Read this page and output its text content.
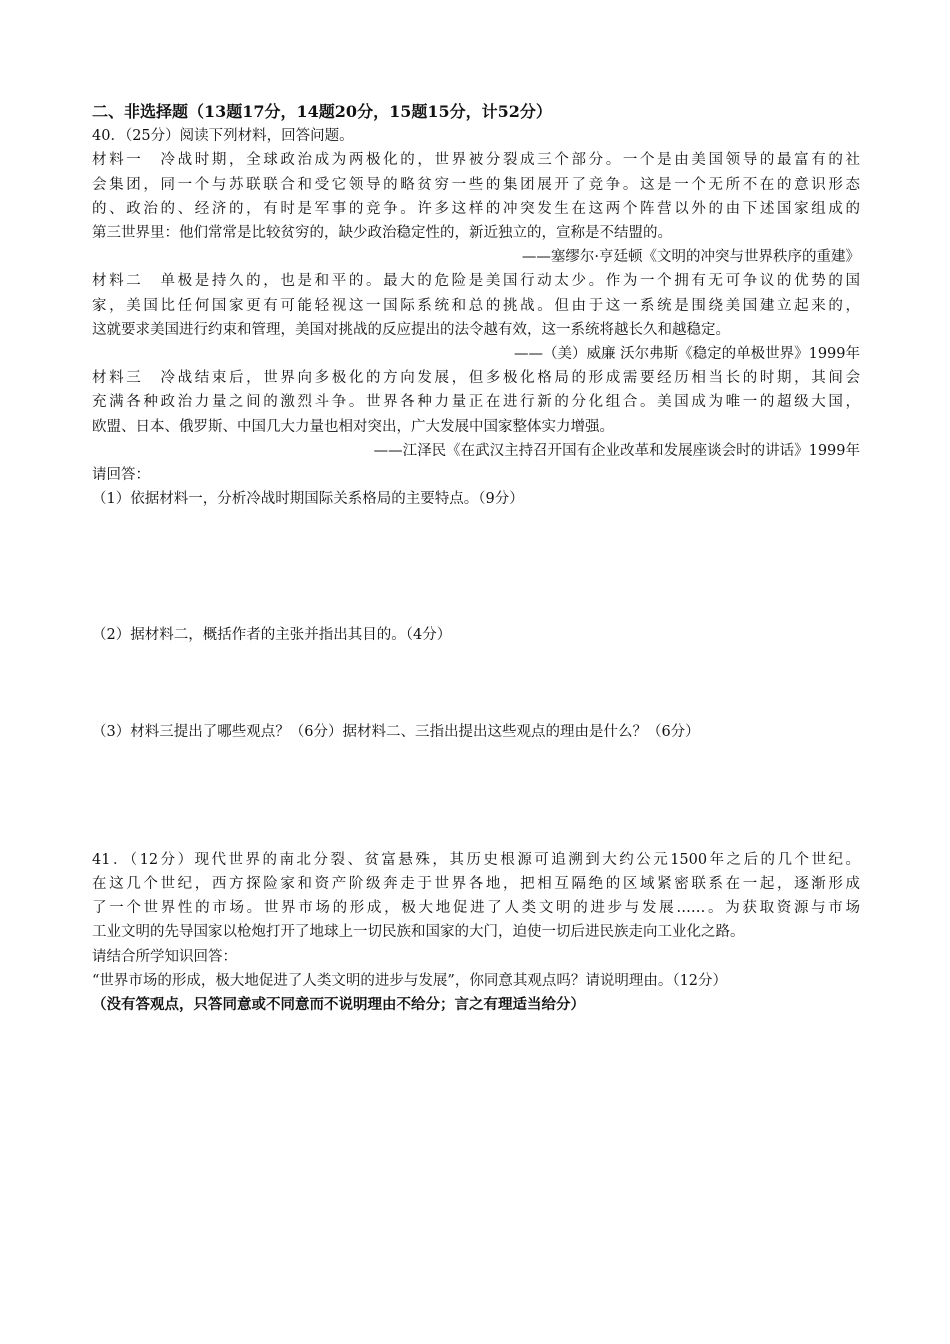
二、非选择题（13题17分，14题20分，15题15分，计52分）
40．（25分）阅读下列材料，回答问题。
材料一　冷战时期，全球政治成为两极化的，世界被分裂成三个部分。一个是由美国领导的最富有的社
会集团，同一个与苏联联合和受它领导的略贫穷一些的集团展开了竞争。这是一个无所不在的意识形态
的、政治的、经济的，有时是军事的竞争。许多这样的冲突发生在这两个阵营以外的由下述国家组成的
第三世界里：他们常常是比较贫穷的，缺少政治稳定性的，新近独立的，宣称是不结盟的。
——塞缪尔·亨廷顿《文明的冲突与世界秩序的重建》
材料二　单极是持久的，也是和平的。最大的危险是美国行动太少。作为一个拥有无可争议的优势的国
家，美国比任何国家更有可能轻视这一国际系统和总的挑战。但由于这一系统是围绕美国建立起来的，
这就要求美国进行约束和管理，美国对挑战的反应提出的法令越有效，这一系统将越长久和越稳定。
——（美）威廉 沃尔弗斯《稳定的单极世界》1999年
材料三　冷战结束后，世界向多极化的方向发展，但多极化格局的形成需要经历相当长的时期，其间会
充满各种政治力量之间的激烈斗争。世界各种力量正在进行新的分化组合。美国成为唯一的超级大国，
欧盟、日本、俄罗斯、中国几大力量也相对突出，广大发展中国家整体实力增强。
——江泽民《在武汉主持召开国有企业改革和发展座谈会时的讲话》1999年
请回答：
（1）依据材料一，分析冷战时期国际关系格局的主要特点。（9分）
（2）据材料二，概括作者的主张并指出其目的。（4分）
（3）材料三提出了哪些观点？（6分）据材料二、三指出提出这些观点的理由是什么？（6分）
41．（12分）现代世界的南北分裂、贫富悬殊，其历史根源可追溯到大约公元1500年之后的几个世纪。
在这几个世纪，西方探险家和资产阶级奔走于世界各地，把相互隔绝的区域紧密联系在一起，逐渐形成
了一个世界性的市场。世界市场的形成，极大地促进了人类文明的进步与发展……。为获取资源与市场
工业文明的先导国家以枪炮打开了地球上一切民族和国家的大门，迫使一切后进民族走向工业化之路。
请结合所学知识回答：
“世界市场的形成，极大地促进了人类文明的进步与发展”，你同意其观点吗？请说明理由。（12分）
（没有答观点，只答同意或不同意而不说明理由不给分；言之有理适当给分）
